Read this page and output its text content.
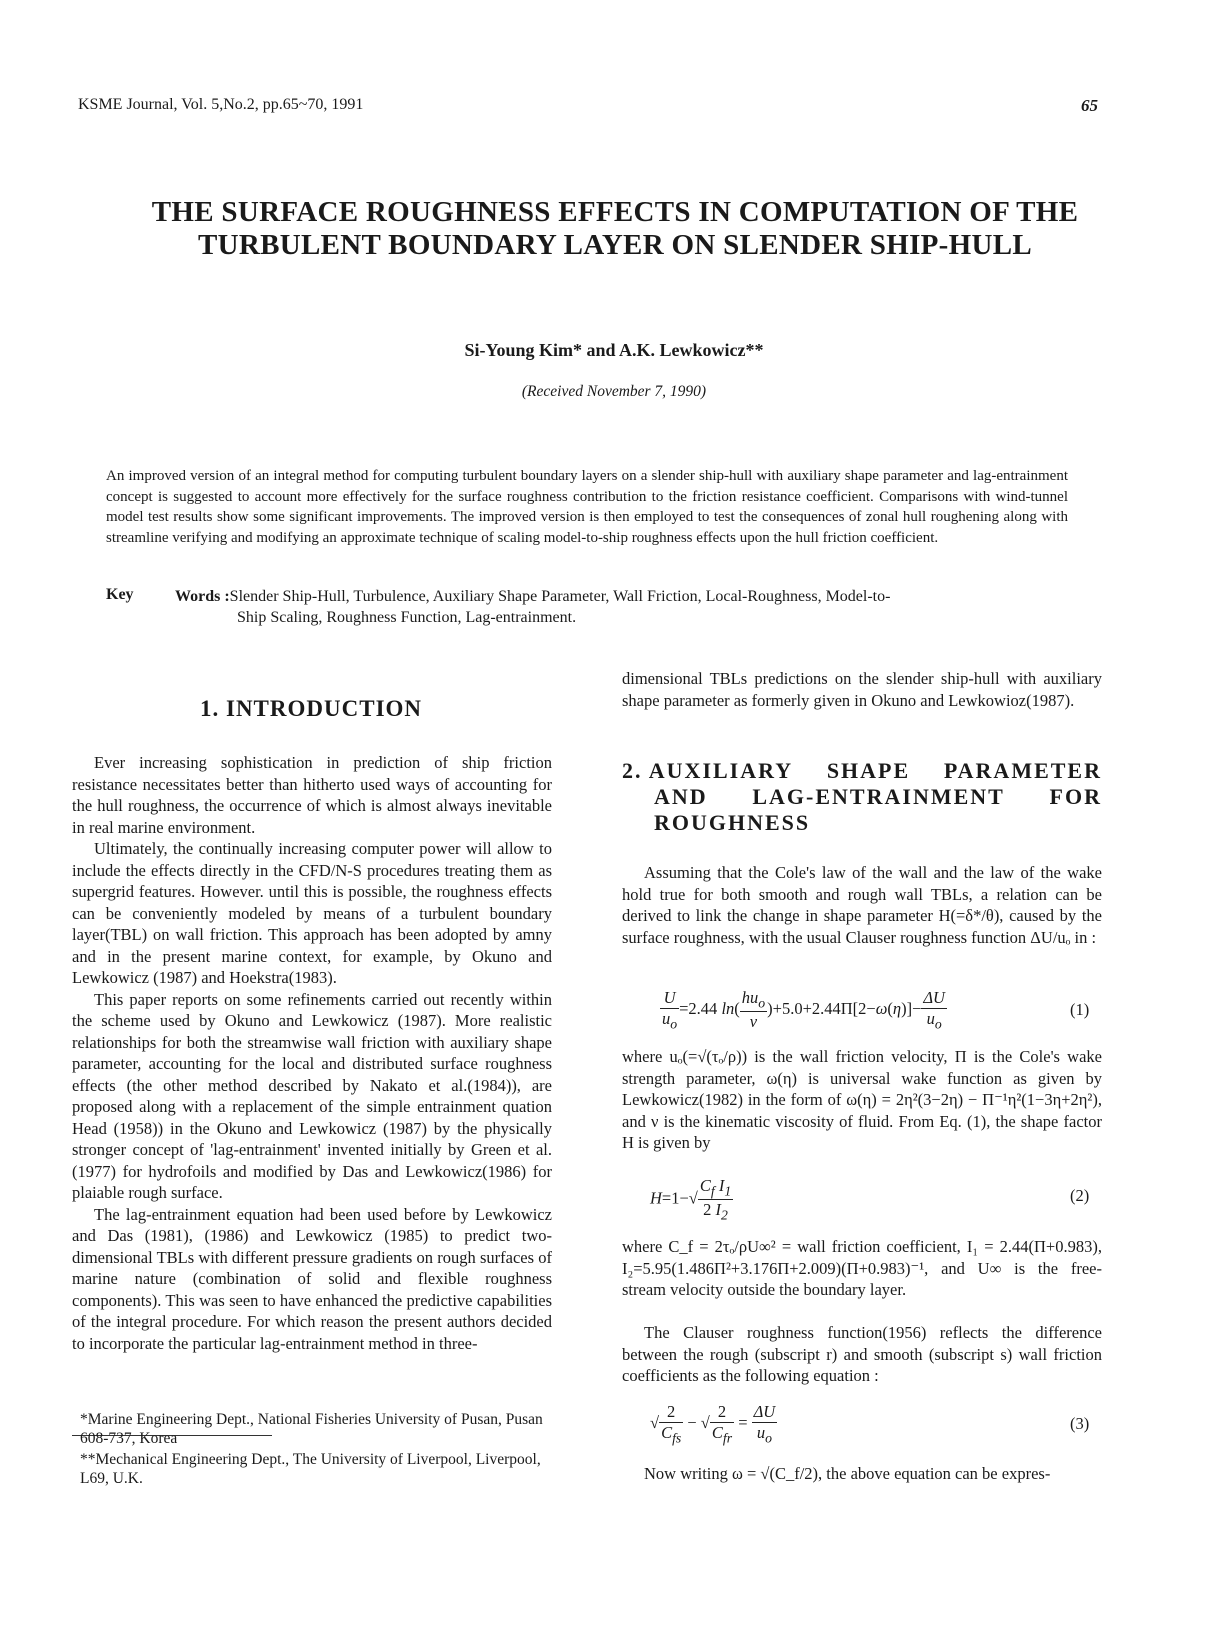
KSME Journal, Vol. 5,No.2, pp.65~70, 1991	65
THE SURFACE ROUGHNESS EFFECTS IN COMPUTATION OF THE
TURBULENT BOUNDARY LAYER ON SLENDER SHIP-HULL
Si-Young Kim* and A.K. Lewkowicz**
(Received November 7, 1990)
An improved version of an integral method for computing turbulent boundary layers on a slender ship-hull with auxiliary shape parameter and lag-entrainment concept is suggested to account more effectively for the surface roughness contribution to the friction resistance coefficient. Comparisons with wind-tunnel model test results show some significant improvements. The improved version is then employed to test the consequences of zonal hull roughening along with streamline verifying and modifying an approximate technique of scaling model-to-ship roughness effects upon the hull friction coefficient.
Key	Words :Slender Ship-Hull, Turbulence, Auxiliary Shape Parameter, Wall Friction, Local-Roughness, Model-to-
Ship Scaling, Roughness Function, Lag-entrainment.
1. INTRODUCTION

Ever increasing sophistication in prediction of ship friction resistance necessitates better than hitherto used ways of accounting for the hull roughness, the occurrence of which is almost always inevitable in real marine environment.

Ultimately, the continually increasing computer power will allow to include the effects directly in the CFD/N-S procedures treating them as supergrid features. However. until this is possible, the roughness effects can be conveniently modeled by means of a turbulent boundary layer(TBL) on wall friction. This approach has been adopted by amny and in the present marine context, for example, by Okuno and Lewkowicz (1987) and Hoekstra(1983).

This paper reports on some refinements carried out recently within the scheme used by Okuno and Lewkowicz (1987). More realistic relationships for both the streamwise wall friction with auxiliary shape parameter, accounting for the local and distributed surface roughness effects (the other method described by Nakato et al.(1984)), are proposed along with a replacement of the simple entrainment quation Head (1958)) in the Okuno and Lewkowicz (1987) by the physically stronger concept of 'lag-entrainment' invented initially by Green et al.(1977) for hydrofoils and modified by Das and Lewkowicz(1986) for plaiable rough surface.

The lag-entrainment equation had been used before by Lewkowicz and Das (1981), (1986) and Lewkowicz (1985) to predict two-dimensional TBLs with different pressure gradients on rough surfaces of marine nature (combination of solid and flexible roughness components). This was seen to have enhanced the predictive capabilities of the integral procedure. For which reason the present authors decided to incorporate the particular lag-entrainment method in three-

*Marine Engineering Dept., National Fisheries University of Pusan, Pusan 608-737, Korea
**Mechanical Engineering Dept., The University of Liverpool, Liverpool, L69, U.K.
dimensional TBLs predictions on the slender ship-hull with auxiliary shape parameter as formerly given in Okuno and Lewkowioz(1987).
2. AUXILIARY SHAPE PARAMETER
AND LAG-ENTRAINMENT FOR
ROUGHNESS

Assuming that the Cole's law of the wall and the law of the wake hold true for both smooth and rough wall TBLs, a relation can be derived to link the change in shape parameter H(=δ*/θ), caused by the surface roughness, with the usual Clauser roughness function ΔU/uₒ in :

$\frac{U}{u_o} =2.44$ $\ln( \frac{hu_o}{\nu} )+5.0+2.44\Pi[2-\omega(\eta)]- \frac{\Delta U}{u_o}$	(1)
where uₒ(=√(τₒ/ρ)) is the wall friction velocity, Π is the Cole's wake strength parameter, ω(η) is universal wake function as given by Lewkowicz(1982) in the form of ω(η) = 2η²(3−2η) − Π⁻¹η²(1−3η+2η²), and ν is the kinematic viscosity of fluid. From Eq. (1), the shape factor H is given by
$H=1-√ \frac{C_f I_1}{2 I_2}$	(2)
where C_f = 2τₒ/ρU∞² = wall friction coefficient, I₁ = 2.44(Π+0.983), I₂=5.95(1.486Π²+3.176Π+2.009)(Π+0.983)⁻¹, and U∞ is the free-stream velocity outside the boundary layer.

The Clauser roughness function(1956) reflects the difference between the rough (subscript r) and smooth (subscript s) wall friction coefficients as the following equation :

√ $\frac{2}{C_{fs}}$ − √ $\frac{2}{C_{fr}} = \frac{\Delta U}{u_o}$	(3)

Now writing ω = √(C_f/2), the above equation can be expres-
